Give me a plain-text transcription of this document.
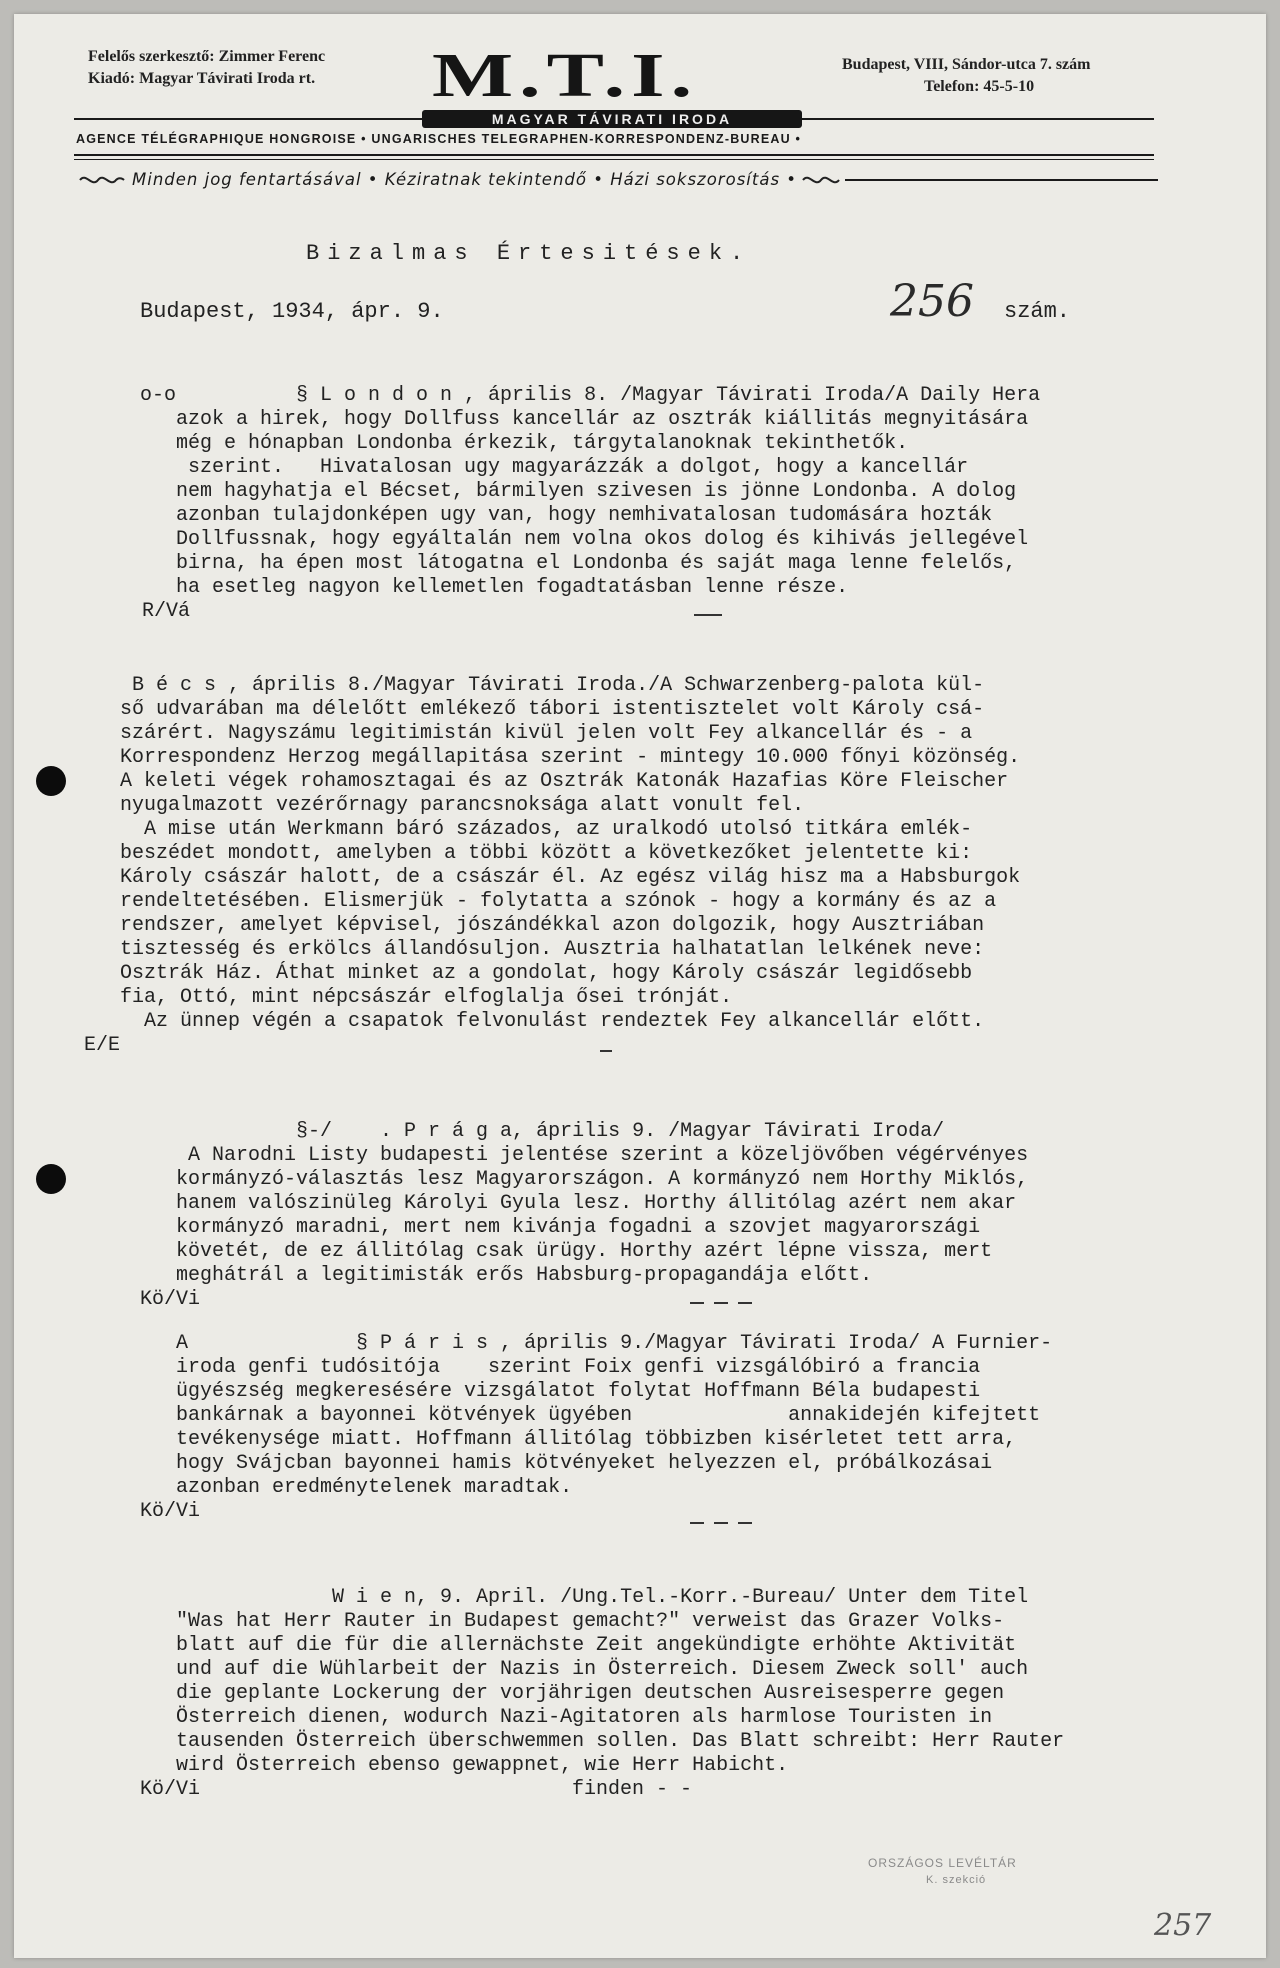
Felelős szerkesztő: Zimmer Ferenc
Kiadó: Magyar Távirati Iroda rt. M.T.I.	Budapest, VIII, Sándor-utca 7. szám
Telefon: 45-5-10
MAGYAR TÁVIRATI IRODA
AGENCE TÉLÉGRAPHIQUE HONGROISE • UNGARISCHES TELEGRAPHEN-KORRESPONDENZ-BUREAU •
Minden jog fentartásával • Kéziratnak tekintendő • Házi sokszorosítás •
Bizalmas Értesitések.
Budapest, 1934, ápr. 9.	256 szám.
o-o          § L o n d o n , április 8. /Magyar Távirati Iroda/A Daily Hera
azok a hirek, hogy Dollfuss kancellár az osztrák kiállitás megnyitására
még e hónapban Londonba érkezik, tárgytalanoknak tekinthetők.
szerint.   Hivatalosan ugy magyarázzák a dolgot, hogy a kancellár
nem hagyhatja el Bécset, bármilyen szivesen is jönne Londonba. A dolog
azonban tulajdonképen ugy van, hogy nemhivatalosan tudomására hozták
Dollfussnak, hogy egyáltalán nem volna okos dolog és kihivás jellegével
birna, ha épen most látogatna el Londonba és saját maga lenne felelős,
ha esetleg nagyon kellemetlen fogadtatásban lenne része.
R/Vá
B é c s , április 8./Magyar Távirati Iroda./A Schwarzenberg-palota kül-
ső udvarában ma délelőtt emlékező tábori istentisztelet volt Károly csá-
szárért. Nagyszámu legitimistán kivül jelen volt Fey alkancellár és - a
Korrespondenz Herzog megállapitása szerint - mintegy 10.000 főnyi közönség.
A keleti végek rohamosztagai és az Osztrák Katonák Hazafias Köre Fleischer
nyugalmazott vezérőrnagy parancsnoksága alatt vonult fel.
A mise után Werkmann báró százados, az uralkodó utolsó titkára emlék-
beszédet mondott, amelyben a többi között a következőket jelentette ki:
Károly császár halott, de a császár él. Az egész világ hisz ma a Habsburgok
rendeltetésében. Elismerjük - folytatta a szónok - hogy a kormány és az a
rendszer, amelyet képvisel, jószándékkal azon dolgozik, hogy Ausztriában
tisztesség és erkölcs állandósuljon. Ausztria halhatatlan lelkének neve:
Osztrák Ház. Áthat minket az a gondolat, hogy Károly császár legidősebb
fia, Ottó, mint népcsászár elfoglalja ősei trónját.
Az ünnep végén a csapatok felvonulást rendeztek Fey alkancellár előtt.
E/E
§-/    . P r á g a, április 9. /Magyar Távirati Iroda/
A Narodni Listy budapesti jelentése szerint a közeljövőben végérvényes
kormányzó-választás lesz Magyarországon. A kormányzó nem Horthy Miklós,
hanem valószinüleg Károlyi Gyula lesz. Horthy állitólag azért nem akar
kormányzó maradni, mert nem kivánja fogadni a szovjet magyarországi
követét, de ez állitólag csak ürügy. Horthy azért lépne vissza, mert
meghátrál a legitimisták erős Habsburg-propagandája előtt.
Kö/Vi
A              § P á r i s , április 9./Magyar Távirati Iroda/ A Furnier-
iroda genfi tudósitója    szerint Foix genfi vizsgálóbiró a francia
ügyészség megkeresésére vizsgálatot folytat Hoffmann Béla budapesti
bankárnak a bayonnei kötvények ügyében             annakidején kifejtett
tevékenysége miatt. Hoffmann állitólag többizben kisérletet tett arra,
hogy Svájcban bayonnei hamis kötvényeket helyezzen el, próbálkozásai
azonban eredménytelenek maradtak.
Kö/Vi
W i e n, 9. April. /Ung.Tel.-Korr.-Bureau/ Unter dem Titel
"Was hat Herr Rauter in Budapest gemacht?" verweist das Grazer Volks-
blatt auf die für die allernächste Zeit angekündigte erhöhte Aktivität
und auf die Wühlarbeit der Nazis in Österreich. Diesem Zweck soll' auch
die geplante Lockerung der vorjährigen deutschen Ausreisesperre gegen
Österreich dienen, wodurch Nazi-Agitatoren als harmlose Touristen in
tausenden Österreich überschwemmen sollen. Das Blatt schreibt: Herr Rauter
wird Österreich ebenso gewappnet, wie Herr Habicht.
Kö/Vi	finden - -
ORSZÁGOS LEVÉLTÁR
K. szekció
257
